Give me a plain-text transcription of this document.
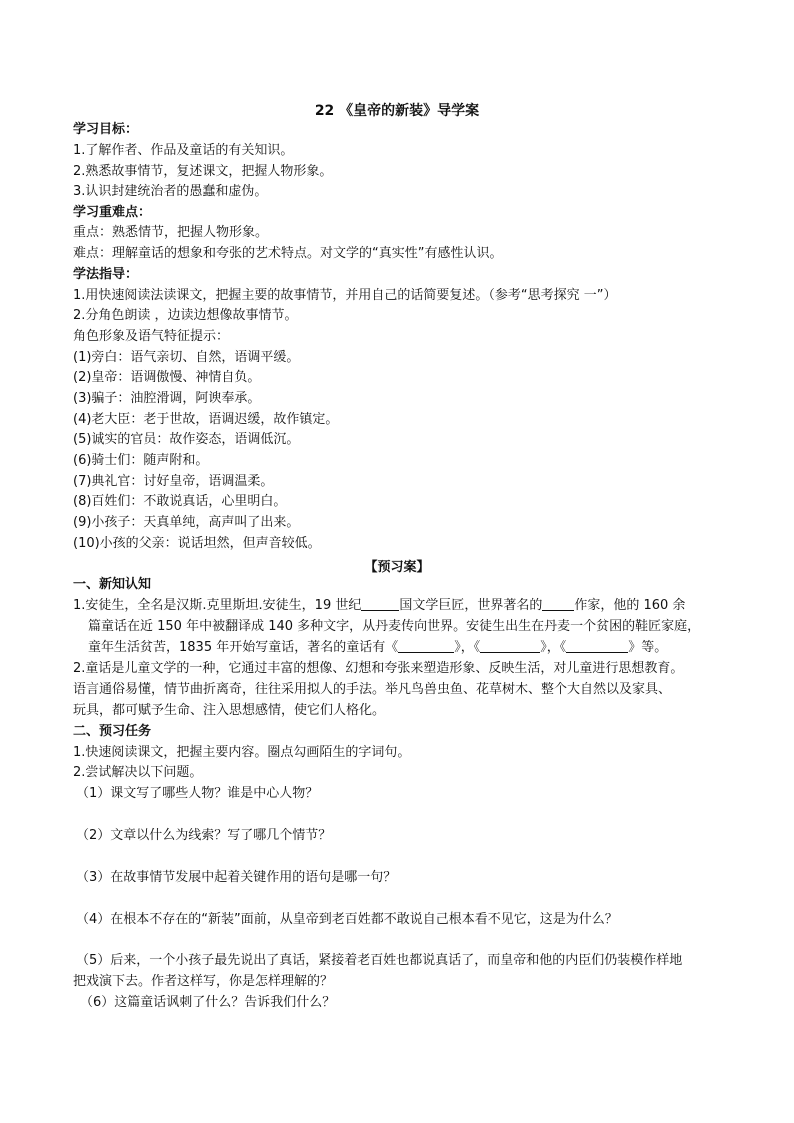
22 《皇帝的新装》导学案
学习目标：
1.了解作者、作品及童话的有关知识。
2.熟悉故事情节，复述课文，把握人物形象。
3.认识封建统治者的愚蠢和虚伪。
学习重难点：
重点：熟悉情节，把握人物形象。
难点：理解童话的想象和夸张的艺术特点。对文学的“真实性”有感性认识。
学法指导：
1.用快速阅读法读课文，把握主要的故事情节，并用自己的话简要复述。（参考“思考探究 一”）
2.分角色朗读 ，边读边想像故事情节。
角色形象及语气特征提示：
(1)旁白：语气亲切、自然，语调平缓。
(2)皇帝：语调傲慢、神情自负。
(3)骗子：油腔滑调，阿谀奉承。
(4)老大臣：老于世故，语调迟缓，故作镇定。
(5)诚实的官员：故作姿态，语调低沉。
(6)骑士们：随声附和。
(7)典礼官：讨好皇帝，语调温柔。
(8)百姓们：不敢说真话，心里明白。
(9)小孩子：天真单纯，高声叫了出来。
(10)小孩的父亲：说话坦然，但声音较低。
【预习案】
一、新知认知
1.安徒生，全名是汉斯.克里斯坦.安徒生，19 世纪	国文学巨匠，世界著名的 作家，他的 160 余
篇童话在近 150 年中被翻译成 140 多种文字，从丹麦传向世界。安徒生出生在丹麦一个贫困的鞋匠家庭，
童年生活贫苦，1835 年开始写童话，著名的童话有《	》，《	》，《	》等。
2.童话是儿童文学的一种，它通过丰富的想像、幻想和夸张来塑造形象、反映生活，对儿童进行思想教育。
语言通俗易懂，情节曲折离奇，往往采用拟人的手法。举凡鸟兽虫鱼、花草树木、整个大自然以及家具、
玩具，都可赋予生命、注入思想感情，使它们人格化。
二、预习任务
1.快速阅读课文，把握主要内容。圈点勾画陌生的字词句。
2.尝试解决以下问题。
（1）课文写了哪些人物？谁是中心人物？
（2）文章以什么为线索？写了哪几个情节？
（3）在故事情节发展中起着关键作用的语句是哪一句？
（4）在根本不存在的“新装”面前，从皇帝到老百姓都不敢说自己根本看不见它，这是为什么？
（5）后来，一个小孩子最先说出了真话，紧接着老百姓也都说真话了，而皇帝和他的内臣们仍装模作样地
把戏演下去。作者这样写，你是怎样理解的？
（6）这篇童话讽刺了什么？告诉我们什么？
